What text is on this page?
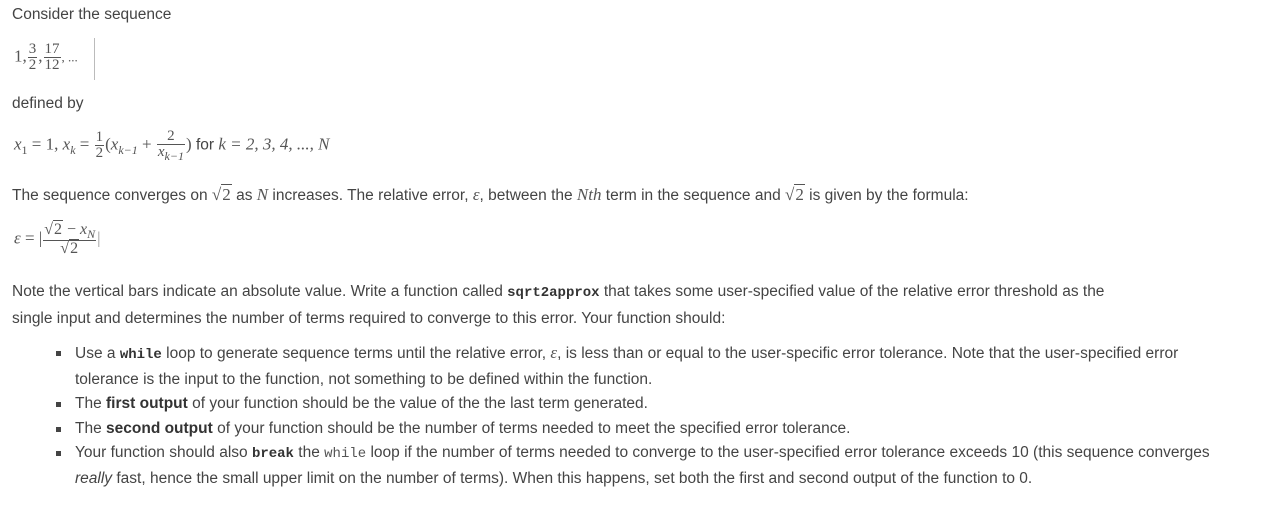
Consider the sequence
1, $\frac{3}{2}$ , $\frac{17}{12}$ , ...
defined by
$x_1 = 1$, $x_k = \frac{1}{2} (x_{k-1} + \frac{2}{x_{k-1}}$ ) for k = 2, 3, 4, ..., N
The sequence converges on √2 as N increases. The relative error, ε, between the Nth term in the sequence and √2 is given by the formula:
ε = | $\frac{√2 - x_N}{√2}$ |
Note the vertical bars indicate an absolute value. Write a function called sqrt2approx that takes some user-specified value of the relative error threshold as the
single input and determines the number of terms required to converge to this error. Your function should:
Use a while loop to generate sequence terms until the relative error, ε, is less than or equal to the user-specific error tolerance. Note that the user-specified error tolerance is the input to the function, not something to be defined within the function.
The first output of your function should be the value of the the last term generated.
The second output of your function should be the number of terms needed to meet the specified error tolerance.
Your function should also break the while loop if the number of terms needed to converge to the user-specified error tolerance exceeds 10 (this sequence converges really fast, hence the small upper limit on the number of terms). When this happens, set both the first and second output of the function to 0.
